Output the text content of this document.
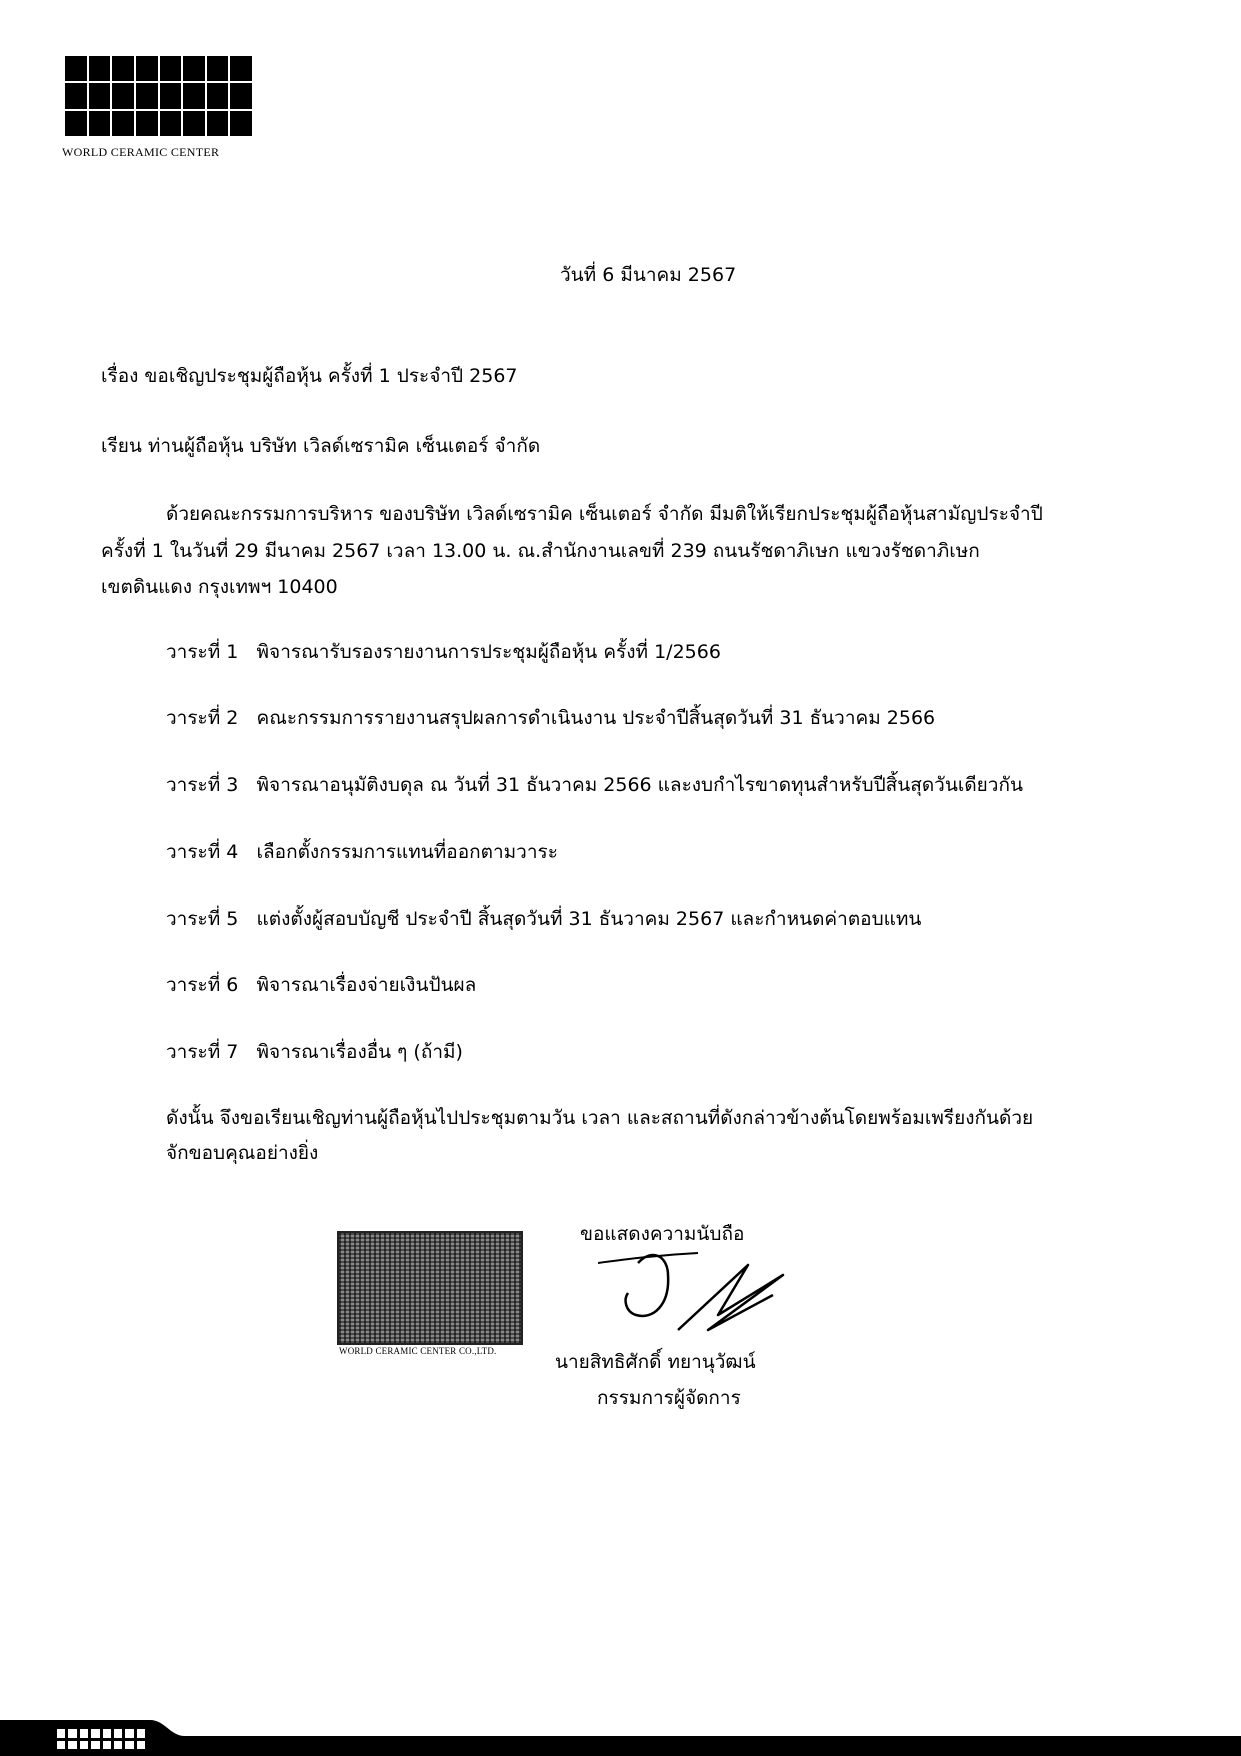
WORLD CERAMIC CENTER
วันที่ 6 มีนาคม 2567
เรื่อง ขอเชิญประชุมผู้ถือหุ้น ครั้งที่ 1 ประจำปี 2567
เรียน ท่านผู้ถือหุ้น บริษัท เวิลด์เซรามิค เซ็นเตอร์ จำกัด
ด้วยคณะกรรมการบริหาร ของบริษัท เวิลด์เซรามิค เซ็นเตอร์ จำกัด มีมติให้เรียกประชุมผู้ถือหุ้นสามัญประจำปี
ครั้งที่ 1 ในวันที่ 29 มีนาคม 2567 เวลา 13.00 น. ณ.สำนักงานเลขที่ 239 ถนนรัชดาภิเษก แขวงรัชดาภิเษก
เขตดินแดง กรุงเทพฯ 10400
วาระที่ 1 พิจารณารับรองรายงานการประชุมผู้ถือหุ้น ครั้งที่ 1/2566
วาระที่ 2 คณะกรรมการรายงานสรุปผลการดำเนินงาน ประจำปีสิ้นสุดวันที่ 31 ธันวาคม 2566
วาระที่ 3 พิจารณาอนุมัติงบดุล ณ วันที่ 31 ธันวาคม 2566 และงบกำไรขาดทุนสำหรับปีสิ้นสุดวันเดียวกัน
วาระที่ 4 เลือกตั้งกรรมการแทนที่ออกตามวาระ
วาระที่ 5 แต่งตั้งผู้สอบบัญชี ประจำปี สิ้นสุดวันที่ 31 ธันวาคม 2567 และกำหนดค่าตอบแทน
วาระที่ 6 พิจารณาเรื่องจ่ายเงินปันผล
วาระที่ 7 พิจารณาเรื่องอื่น ๆ (ถ้ามี)
ดังนั้น จึงขอเรียนเชิญท่านผู้ถือหุ้นไปประชุมตามวัน เวลา และสถานที่ดังกล่าวข้างต้นโดยพร้อมเพรียงกันด้วย
จักขอบคุณอย่างยิ่ง
ขอแสดงความนับถือ
WORLD CERAMIC CENTER CO.,LTD.	นายสิทธิศักดิ์ ทยานุวัฒน์
กรรมการผู้จัดการ
